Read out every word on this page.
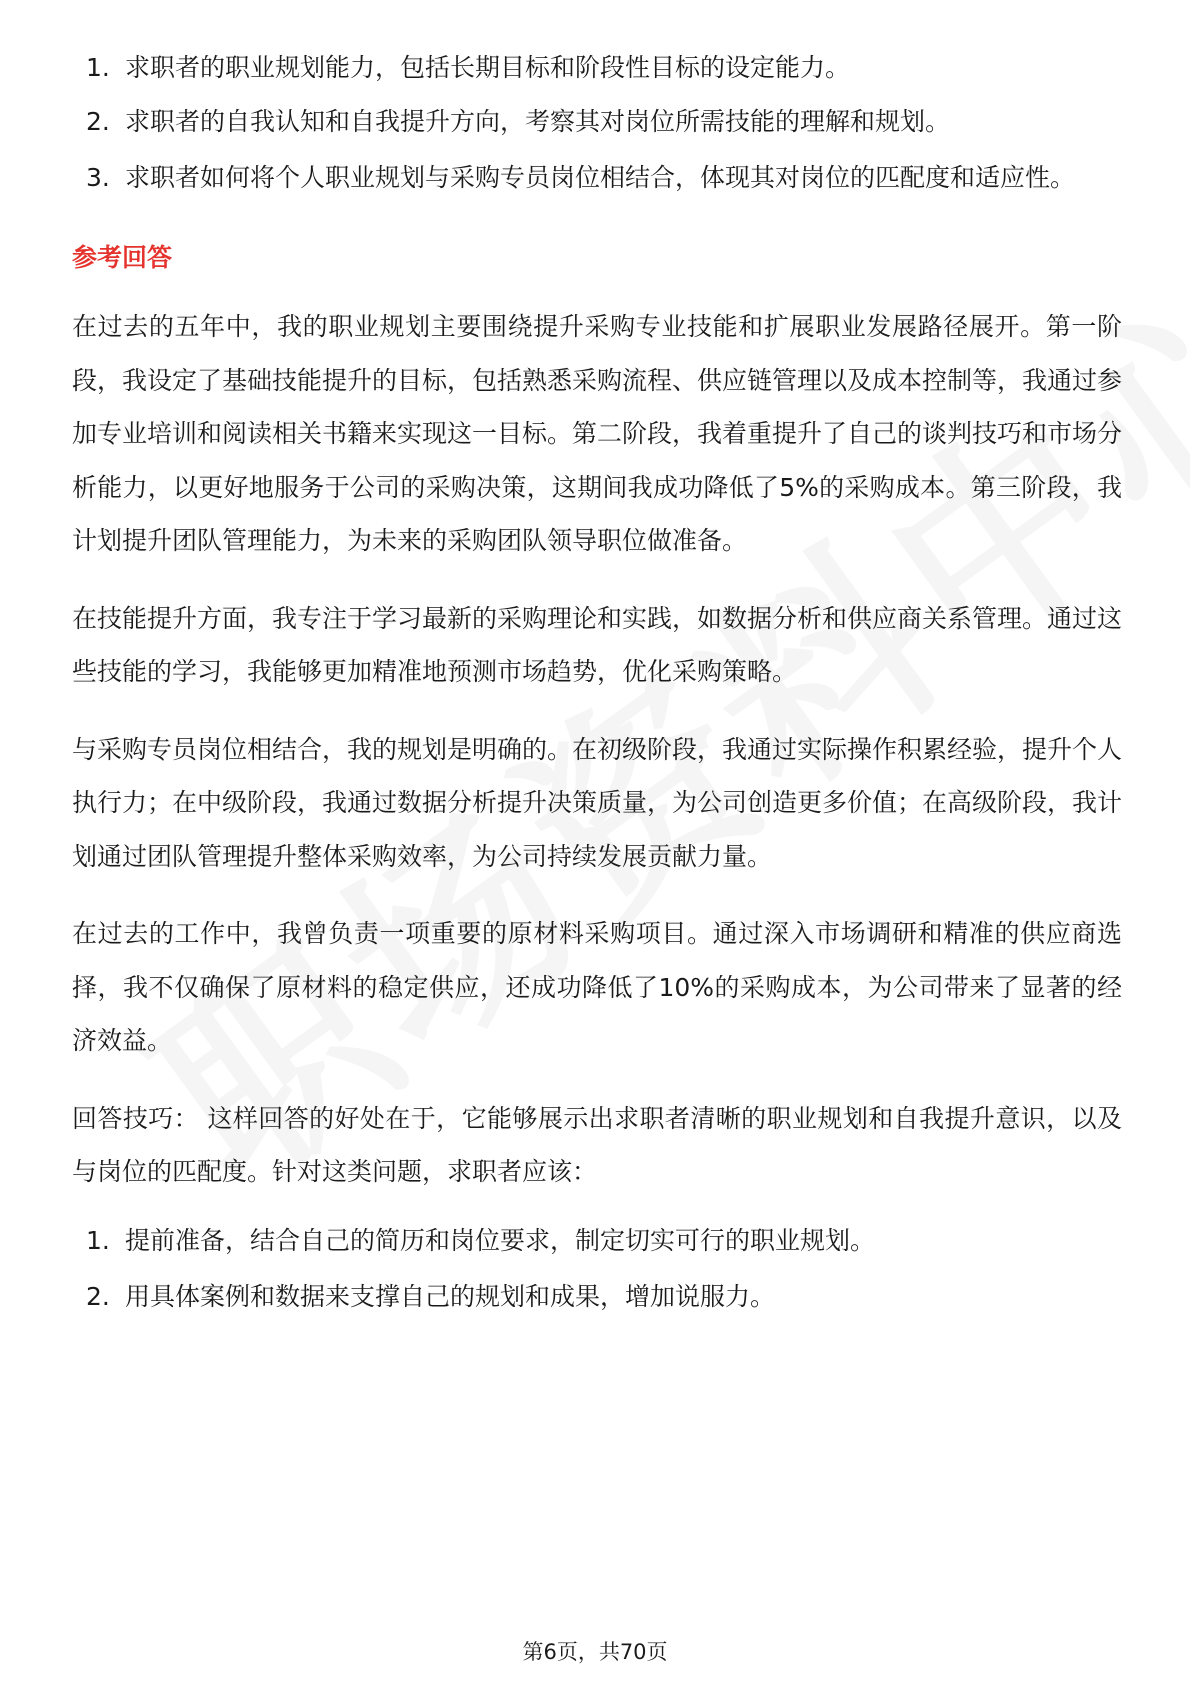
1. 求职者的职业规划能力，包括长期目标和阶段性目标的设定能力。
2. 求职者的自我认知和自我提升方向，考察其对岗位所需技能的理解和规划。
3. 求职者如何将个人职业规划与采购专员岗位相结合，体现其对岗位的匹配度和适应性。
参考回答

在过去的五年中，我的职业规划主要围绕提升采购专业技能和扩展职业发展路径展开。第一阶段，我设定了基础技能提升的目标，包括熟悉采购流程、供应链管理以及成本控制等，我通过参加专业培训和阅读相关书籍来实现这一目标。第二阶段，我着重提升了自己的谈判技巧和市场分析能力，以更好地服务于公司的采购决策，这期间我成功降低了5%的采购成本。第三阶段，我计划提升团队管理能力，为未来的采购团队领导职位做准备。

在技能提升方面，我专注于学习最新的采购理论和实践，如数据分析和供应商关系管理。通过这些技能的学习，我能够更加精准地预测市场趋势，优化采购策略。

与采购专员岗位相结合，我的规划是明确的。在初级阶段，我通过实际操作积累经验，提升个人执行力；在中级阶段，我通过数据分析提升决策质量，为公司创造更多价值；在高级阶段，我计划通过团队管理提升整体采购效率，为公司持续发展贡献力量。

在过去的工作中，我曾负责一项重要的原材料采购项目。通过深入市场调研和精准的供应商选择，我不仅确保了原材料的稳定供应，还成功降低了10%的采购成本，为公司带来了显著的经济效益。

回答技巧： 这样回答的好处在于，它能够展示出求职者清晰的职业规划和自我提升意识，以及与岗位的匹配度。针对这类问题，求职者应该：

1. 提前准备，结合自己的简历和岗位要求，制定切实可行的职业规划。
2. 用具体案例和数据来支撑自己的规划和成果，增加说服力。
第6页，共70页
